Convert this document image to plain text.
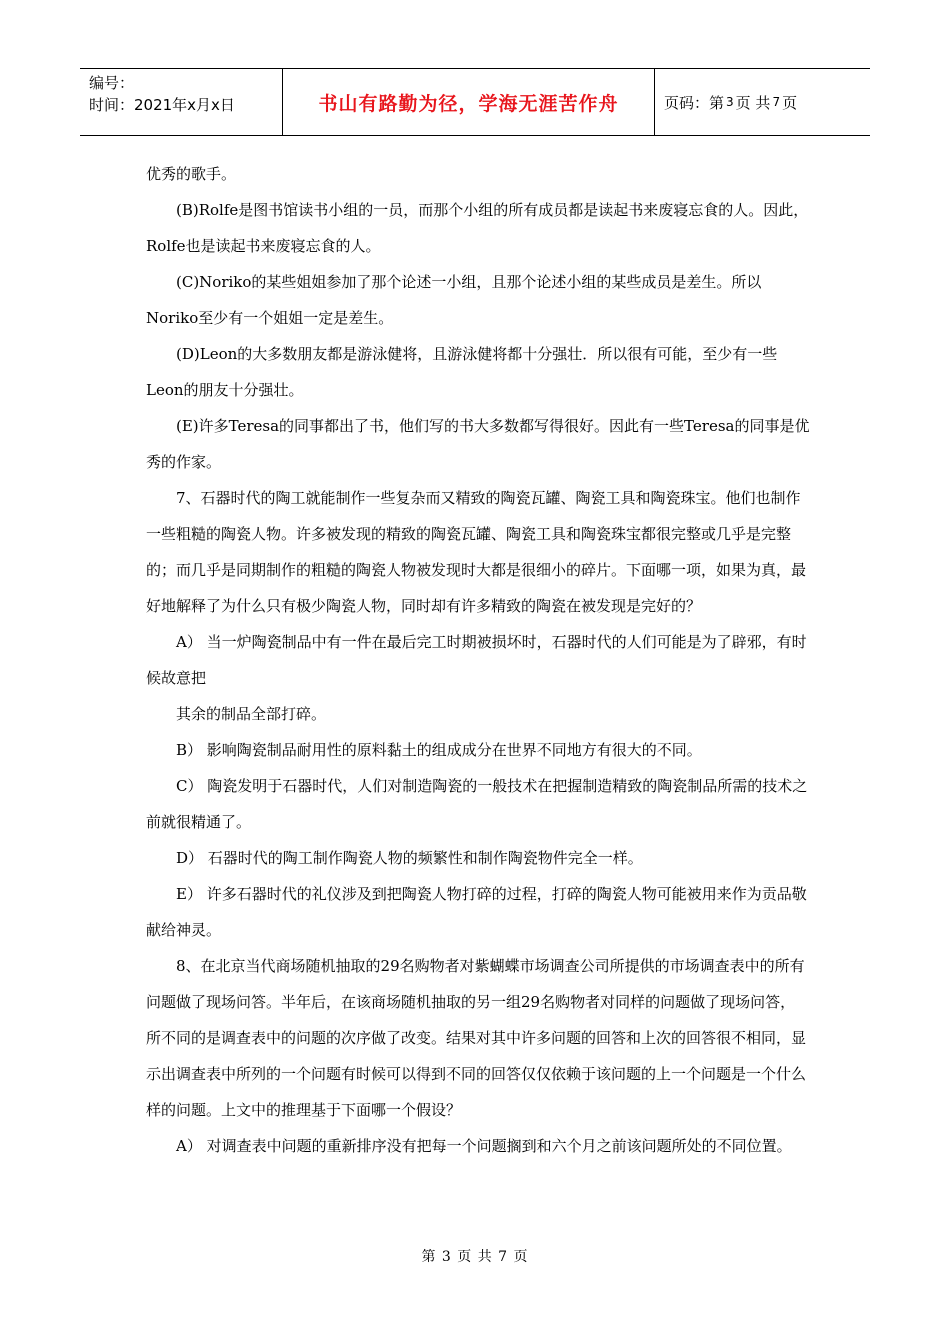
编号：
时间：2021年x月x日	书山有路勤为径，学海无涯苦作舟	页码：第 3 页 共 7 页

优秀的歌手。

(B)Rolfe是图书馆读书小组的一员，而那个小组的所有成员都是读起书来废寝忘食的人。因此，Rolfe也是读起书来废寝忘食的人。

(C)Noriko的某些姐姐参加了那个论述一小组，且那个论述小组的某些成员是差生。所以Noriko至少有一个姐姐一定是差生。

(D)Leon的大多数朋友都是游泳健将，且游泳健将都十分强壮．所以很有可能，至少有一些Leon的朋友十分强壮。

(E)许多Teresa的同事都出了书，他们写的书大多数都写得很好。因此有一些Teresa的同事是优秀的作家。

7、石器时代的陶工就能制作一些复杂而又精致的陶瓷瓦罐、陶瓷工具和陶瓷珠宝。他们也制作一些粗糙的陶瓷人物。许多被发现的精致的陶瓷瓦罐、陶瓷工具和陶瓷珠宝都很完整或几乎是完整的；而几乎是同期制作的粗糙的陶瓷人物被发现时大都是很细小的碎片。下面哪一项，如果为真，最好地解释了为什么只有极少陶瓷人物，同时却有许多精致的陶瓷在被发现是完好的？

A） 当一炉陶瓷制品中有一件在最后完工时期被损坏时，石器时代的人们可能是为了辟邪，有时候故意把

其余的制品全部打碎。

B） 影响陶瓷制品耐用性的原料黏土的组成成分在世界不同地方有很大的不同。

C） 陶瓷发明于石器时代，人们对制造陶瓷的一般技术在把握制造精致的陶瓷制品所需的技术之前就很精通了。

D） 石器时代的陶工制作陶瓷人物的频繁性和制作陶瓷物件完全一样。

E） 许多石器时代的礼仪涉及到把陶瓷人物打碎的过程，打碎的陶瓷人物可能被用来作为贡品敬献给神灵。

8、在北京当代商场随机抽取的29名购物者对紫蝴蝶市场调查公司所提供的市场调查表中的所有问题做了现场问答。半年后，在该商场随机抽取的另一组29名购物者对同样的问题做了现场问答，所不同的是调查表中的问题的次序做了改变。结果对其中许多问题的回答和上次的回答很不相同，显示出调查表中所列的一个问题有时候可以得到不同的回答仅仅依赖于该问题的上一个问题是一个什么样的问题。上文中的推理基于下面哪一个假设？

A） 对调查表中问题的重新排序没有把每一个问题搁到和六个月之前该问题所处的不同位置。

第 3 页 共 7 页
